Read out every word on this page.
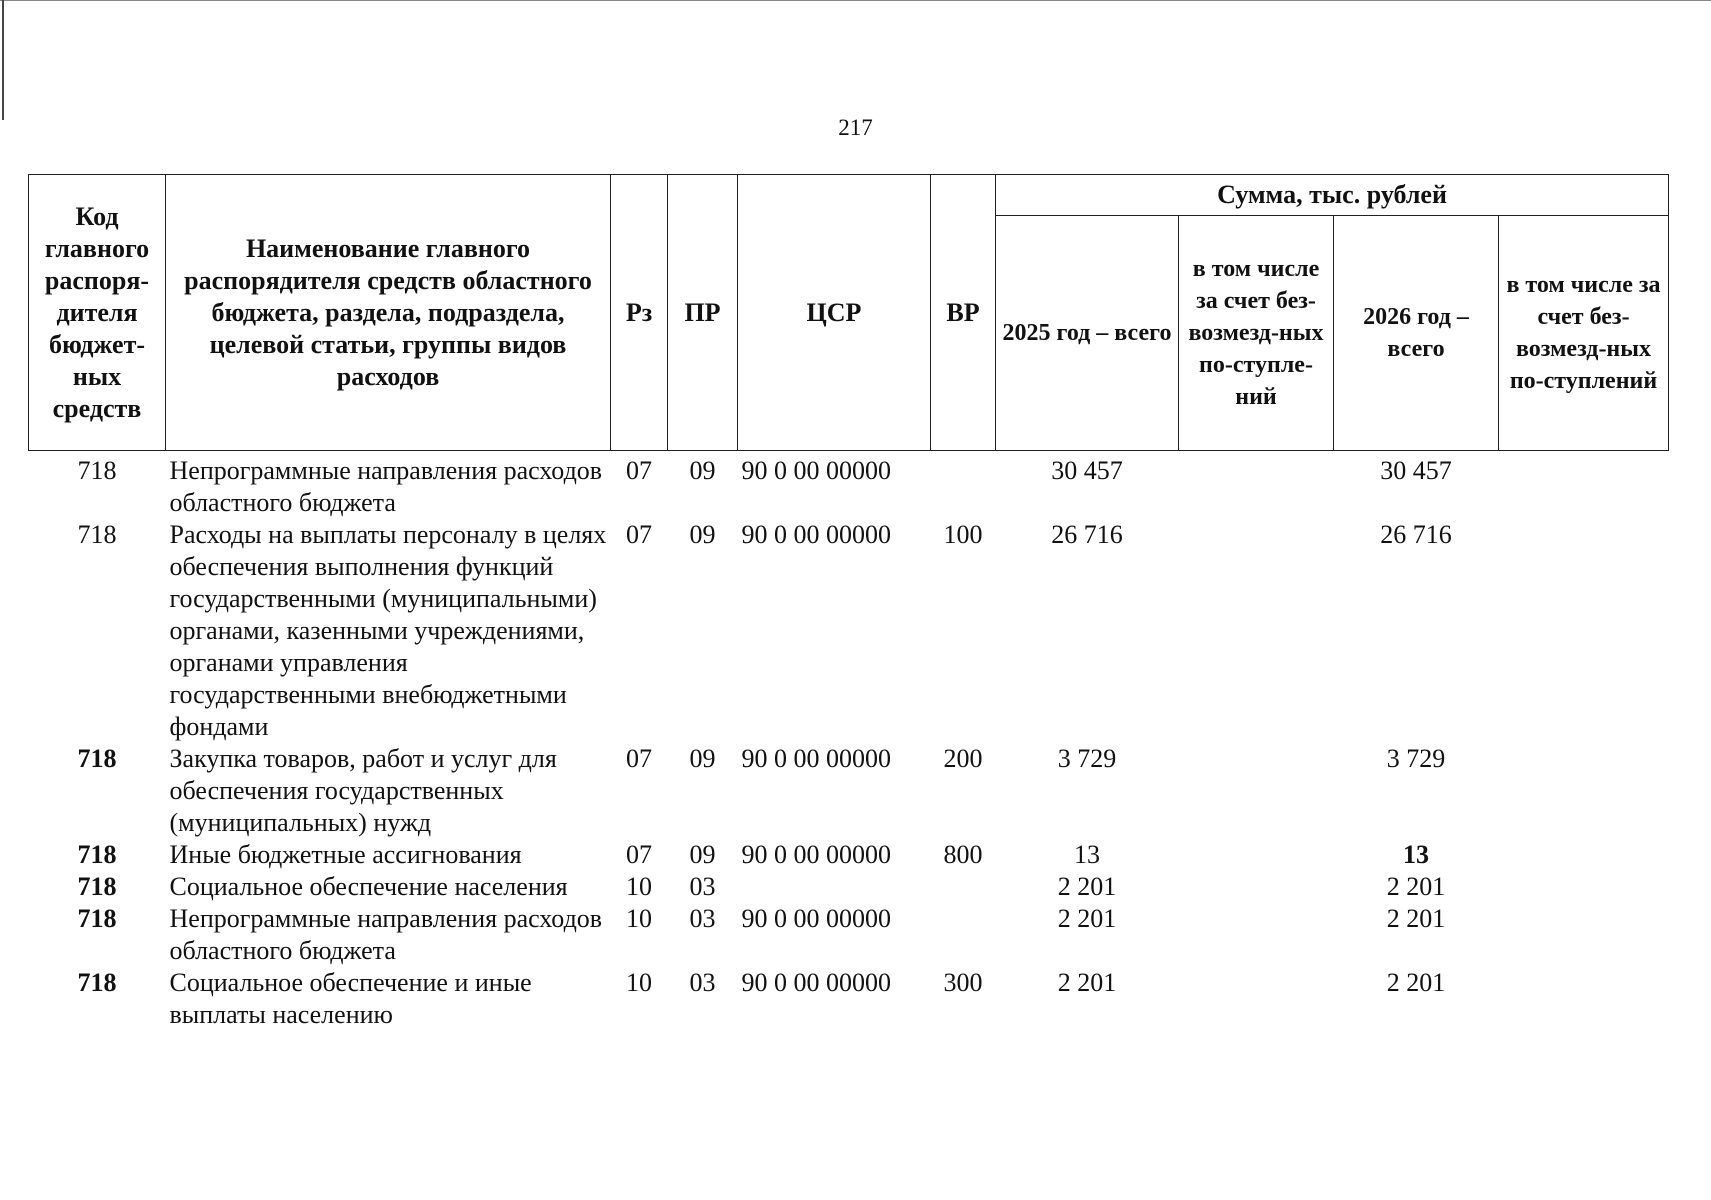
217
Код главного распоря-дителя бюджет-ных средств	Наименование главного распорядителя средств областного бюджета, раздела, подраздела, целевой статьи, группы видов расходов	Рз	ПР	ЦСР	ВР	Сумма, тыс. рублей			
						2025 год – всего	в том числе за счет без-возмезд-ных по-ступле-ний	2026 год – всего	в том числе за счет без-возмезд-ных по-ступлений
718	Непрограммные направления расходов областного бюджета	07	09	90 0 00 00000		30 457		30 457	
718	Расходы на выплаты персоналу в целях обеспечения выполнения функций государственными (муниципальными) органами, казенными учреждениями, органами управления государственными внебюджетными фондами	07	09	90 0 00 00000	100	26 716		26 716	
718	Закупка товаров, работ и услуг для обеспечения государственных (муниципальных) нужд	07	09	90 0 00 00000	200	3 729		3 729	
718	Иные бюджетные ассигнования	07	09	90 0 00 00000	800	13		13	
718	Социальное обеспечение населения	10	03			2 201		2 201	
718	Непрограммные направления расходов областного бюджета	10	03	90 0 00 00000		2 201		2 201	
718	Социальное обеспечение и иные выплаты населению	10	03	90 0 00 00000	300	2 201		2 201	
